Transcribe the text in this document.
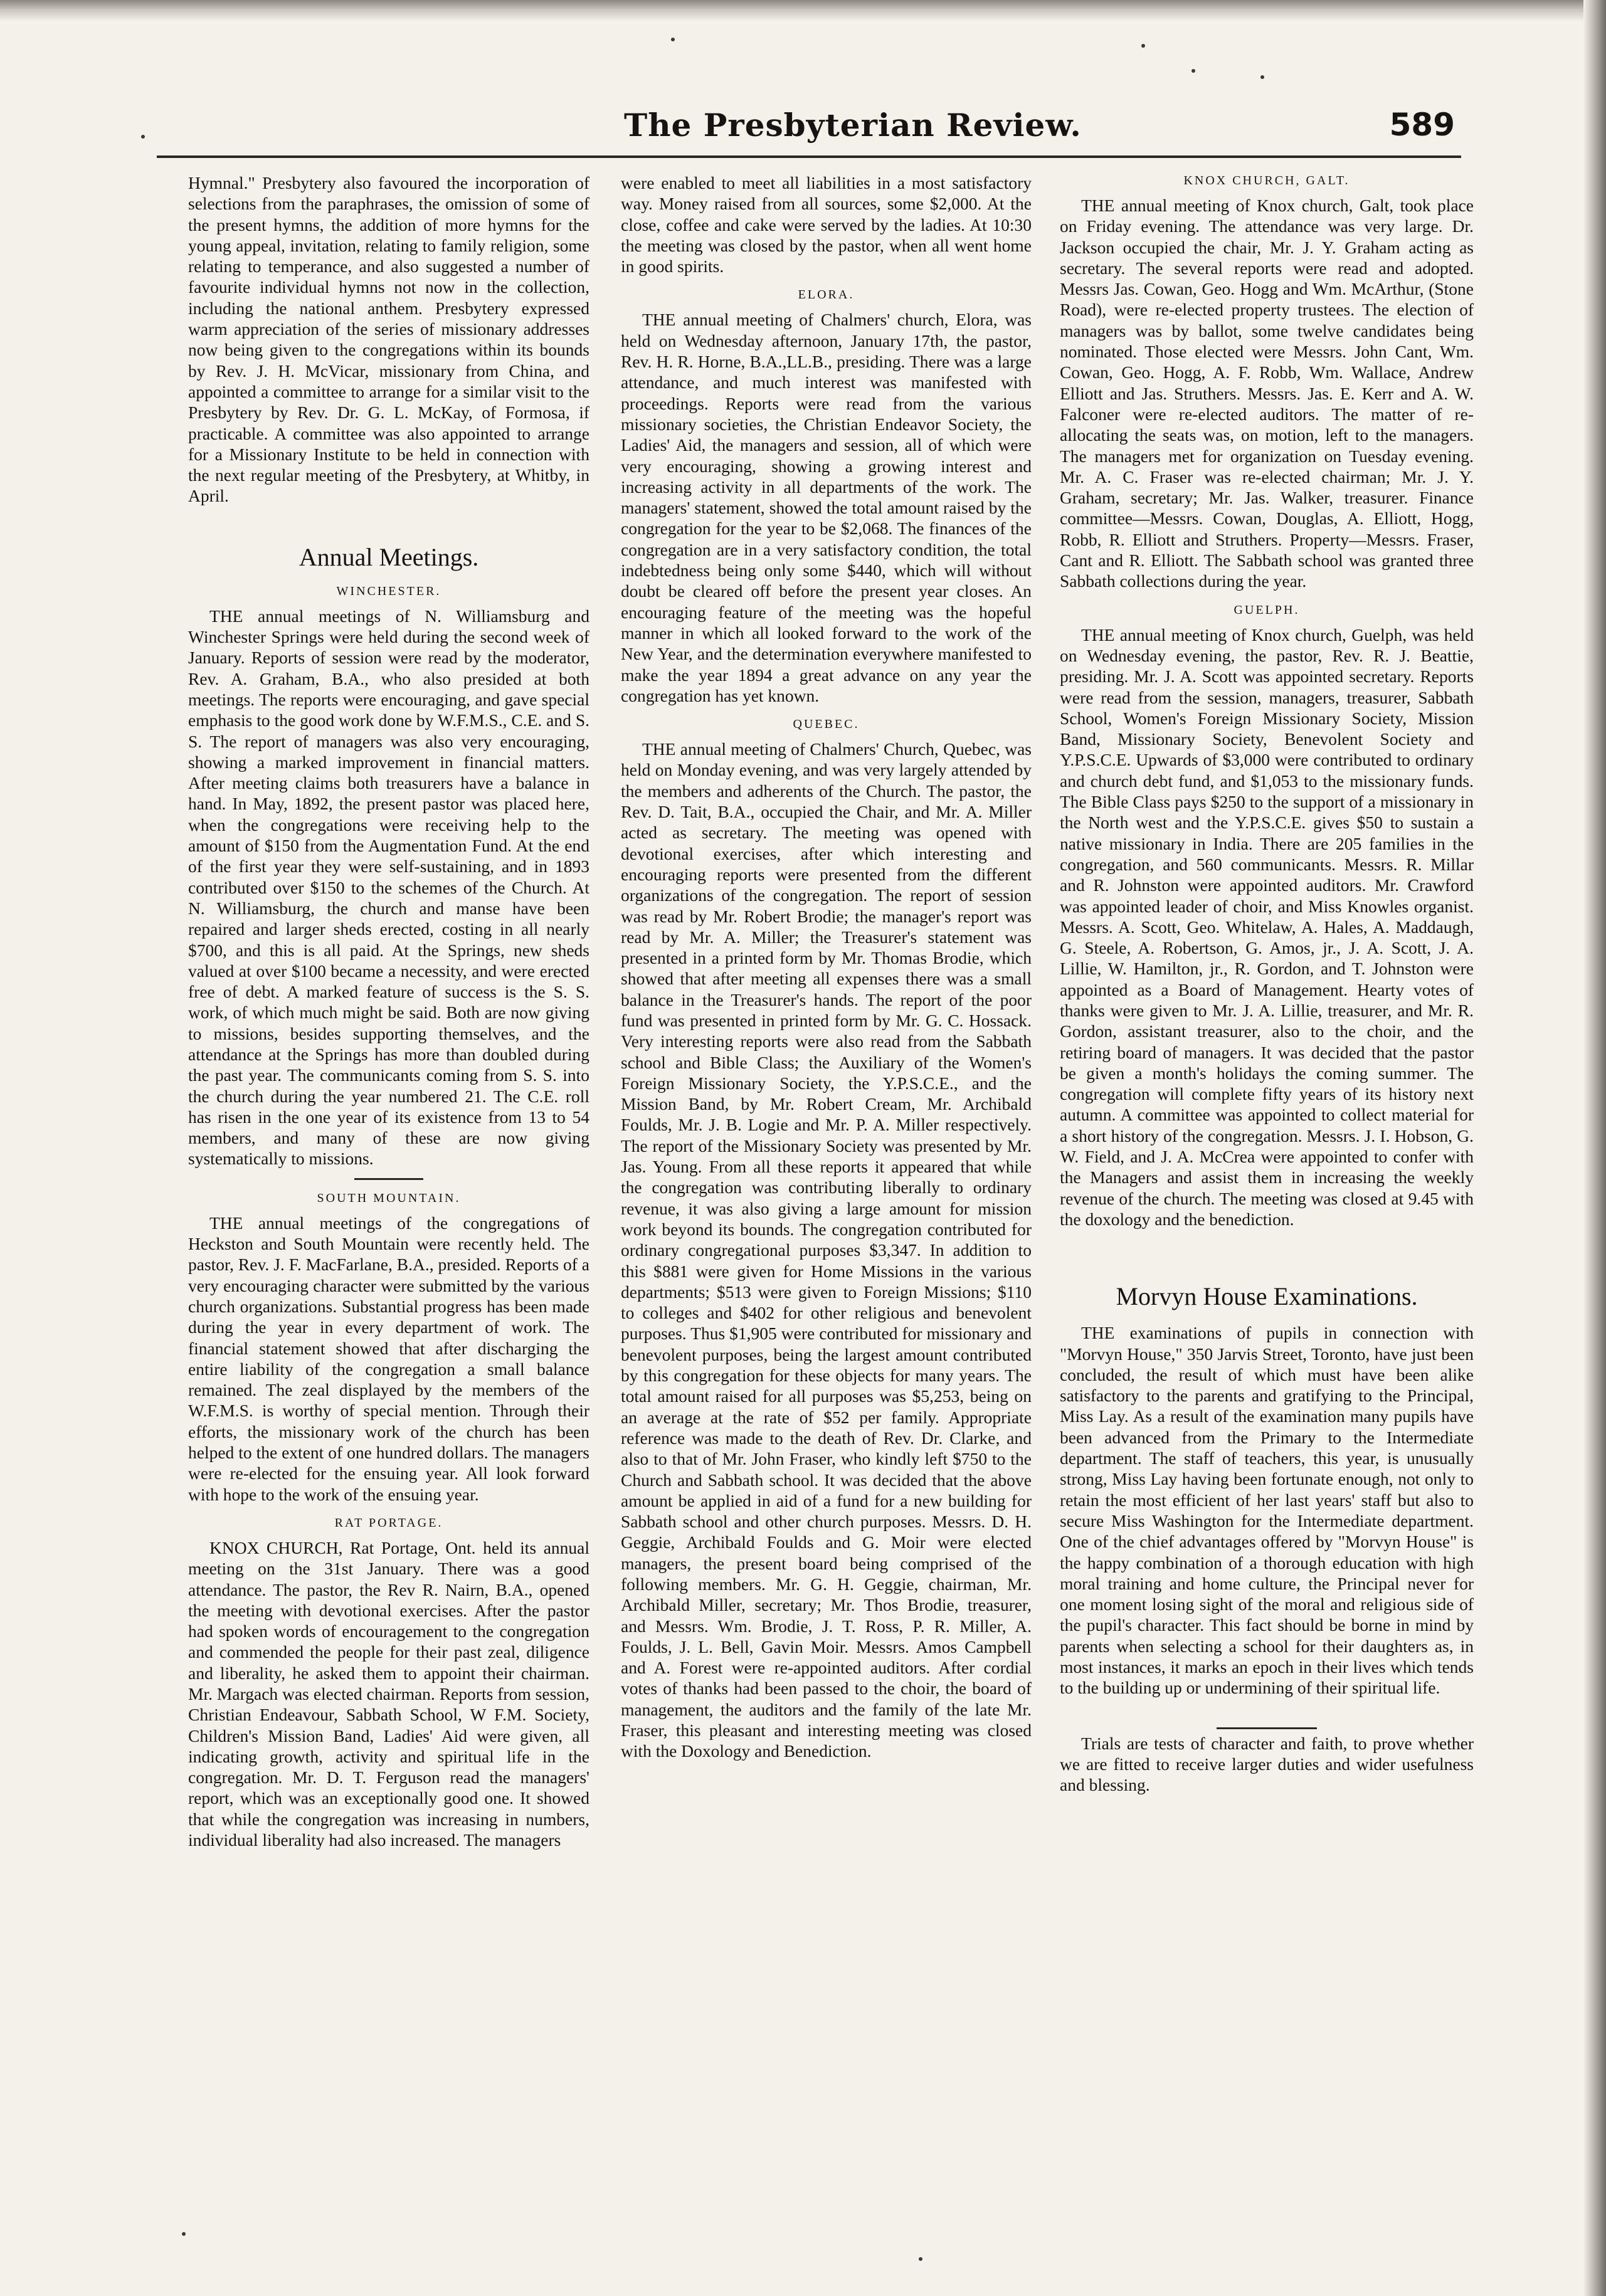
The Presbyterian Review.	589

Hymnal." Presbytery also favoured the incorporation of selections from the paraphrases, the omission of some of the present hymns, the addition of more hymns for the young appeal, invitation, relating to family religion, some relating to temperance, and also suggested a number of favourite individual hymns not now in the collection, including the national anthem. Presbytery expressed warm appreciation of the series of missionary addresses now being given to the congregations within its bounds by Rev. J. H. McVicar, missionary from China, and appointed a committee to arrange for a similar visit to the Presbytery by Rev. Dr. G. L. McKay, of Formosa, if practicable. A committee was also appointed to arrange for a Missionary Institute to be held in connection with the next regular meeting of the Presbytery, at Whitby, in April.

Annual Meetings.
WINCHESTER.

THE annual meetings of N. Williamsburg and Winchester Springs were held during the second week of January. Reports of session were read by the moderator, Rev. A. Graham, B.A., who also presided at both meetings. The reports were encouraging, and gave special emphasis to the good work done by W.F.M.S., C.E. and S. S. The report of managers was also very encouraging, showing a marked improvement in financial matters. After meeting claims both treasurers have a balance in hand. In May, 1892, the present pastor was placed here, when the congregations were receiving help to the amount of $150 from the Augmentation Fund. At the end of the first year they were self-sustaining, and in 1893 contributed over $150 to the schemes of the Church. At N. Williamsburg, the church and manse have been repaired and larger sheds erected, costing in all nearly $700, and this is all paid. At the Springs, new sheds valued at over $100 became a necessity, and were erected free of debt. A marked feature of success is the S. S. work, of which much might be said. Both are now giving to missions, besides supporting themselves, and the attendance at the Springs has more than doubled during the past year. The communicants coming from S. S. into the church during the year numbered 21. The C.E. roll has risen in the one year of its existence from 13 to 54 members, and many of these are now giving systematically to missions.

SOUTH MOUNTAIN.

THE annual meetings of the congregations of Heckston and South Mountain were recently held. The pastor, Rev. J. F. MacFarlane, B.A., presided. Reports of a very encouraging character were submitted by the various church organizations. Substantial progress has been made during the year in every department of work. The financial statement showed that after discharging the entire liability of the congregation a small balance remained. The zeal displayed by the members of the W.F.M.S. is worthy of special mention. Through their efforts, the missionary work of the church has been helped to the extent of one hundred dollars. The managers were re-elected for the ensuing year. All look forward with hope to the work of the ensuing year.

RAT PORTAGE.

KNOX CHURCH, Rat Portage, Ont. held its annual meeting on the 31st January. There was a good attendance. The pastor, the Rev R. Nairn, B.A., opened the meeting with devotional exercises. After the pastor had spoken words of encouragement to the congregation and commended the people for their past zeal, diligence and liberality, he asked them to appoint their chairman. Mr. Margach was elected chairman. Reports from session, Christian Endeavour, Sabbath School, W F.M. Society, Children's Mission Band, Ladies' Aid were given, all indicating growth, activity and spiritual life in the congregation. Mr. D. T. Ferguson read the managers' report, which was an exceptionally good one. It showed that while the congregation was increasing in numbers, individual liberality had also increased. The managers

were enabled to meet all liabilities in a most satisfactory way. Money raised from all sources, some $2,000. At the close, coffee and cake were served by the ladies. At 10:30 the meeting was closed by the pastor, when all went home in good spirits.

ELORA.

THE annual meeting of Chalmers' church, Elora, was held on Wednesday afternoon, January 17th, the pastor, Rev. H. R. Horne, B.A.,LL.B., presiding. There was a large attendance, and much interest was manifested with proceedings. Reports were read from the various missionary societies, the Christian Endeavor Society, the Ladies' Aid, the managers and session, all of which were very encouraging, showing a growing interest and increasing activity in all departments of the work. The managers' statement, showed the total amount raised by the congregation for the year to be $2,068. The finances of the congregation are in a very satisfactory condition, the total indebtedness being only some $440, which will without doubt be cleared off before the present year closes. An encouraging feature of the meeting was the hopeful manner in which all looked forward to the work of the New Year, and the determination everywhere manifested to make the year 1894 a great advance on any year the congregation has yet known.

QUEBEC.

THE annual meeting of Chalmers' Church, Quebec, was held on Monday evening, and was very largely attended by the members and adherents of the Church. The pastor, the Rev. D. Tait, B.A., occupied the Chair, and Mr. A. Miller acted as secretary. The meeting was opened with devotional exercises, after which interesting and encouraging reports were presented from the different organizations of the congregation. The report of session was read by Mr. Robert Brodie; the manager's report was read by Mr. A. Miller; the Treasurer's statement was presented in a printed form by Mr. Thomas Brodie, which showed that after meeting all expenses there was a small balance in the Treasurer's hands. The report of the poor fund was presented in printed form by Mr. G. C. Hossack. Very interesting reports were also read from the Sabbath school and Bible Class; the Auxiliary of the Women's Foreign Missionary Society, the Y.P.S.C.E., and the Mission Band, by Mr. Robert Cream, Mr. Archibald Foulds, Mr. J. B. Logie and Mr. P. A. Miller respectively. The report of the Missionary Society was presented by Mr. Jas. Young. From all these reports it appeared that while the congregation was contributing liberally to ordinary revenue, it was also giving a large amount for mission work beyond its bounds. The congregation contributed for ordinary congregational purposes $3,347. In addition to this $881 were given for Home Missions in the various departments; $513 were given to Foreign Missions; $110 to colleges and $402 for other religious and benevolent purposes. Thus $1,905 were contributed for missionary and benevolent purposes, being the largest amount contributed by this congregation for these objects for many years. The total amount raised for all purposes was $5,253, being on an average at the rate of $52 per family. Appropriate reference was made to the death of Rev. Dr. Clarke, and also to that of Mr. John Fraser, who kindly left $750 to the Church and Sabbath school. It was decided that the above amount be applied in aid of a fund for a new building for Sabbath school and other church purposes. Messrs. D. H. Geggie, Archibald Foulds and G. Moir were elected managers, the present board being comprised of the following members. Mr. G. H. Geggie, chairman, Mr. Archibald Miller, secretary; Mr. Thos Brodie, treasurer, and Messrs. Wm. Brodie, J. T. Ross, P. R. Miller, A. Foulds, J. L. Bell, Gavin Moir. Messrs. Amos Campbell and A. Forest were re-appointed auditors. After cordial votes of thanks had been passed to the choir, the board of management, the auditors and the family of the late Mr. Fraser, this pleasant and interesting meeting was closed with the Doxology and Benediction.

KNOX CHURCH, GALT.

THE annual meeting of Knox church, Galt, took place on Friday evening. The attendance was very large. Dr. Jackson occupied the chair, Mr. J. Y. Graham acting as secretary. The several reports were read and adopted. Messrs Jas. Cowan, Geo. Hogg and Wm. McArthur, (Stone Road), were re-elected property trustees. The election of managers was by ballot, some twelve candidates being nominated. Those elected were Messrs. John Cant, Wm. Cowan, Geo. Hogg, A. F. Robb, Wm. Wallace, Andrew Elliott and Jas. Struthers. Messrs. Jas. E. Kerr and A. W. Falconer were re-elected auditors. The matter of re-allocating the seats was, on motion, left to the managers. The managers met for organization on Tuesday evening. Mr. A. C. Fraser was re-elected chairman; Mr. J. Y. Graham, secretary; Mr. Jas. Walker, treasurer. Finance committee—Messrs. Cowan, Douglas, A. Elliott, Hogg, Robb, R. Elliott and Struthers. Property—Messrs. Fraser, Cant and R. Elliott. The Sabbath school was granted three Sabbath collections during the year.

GUELPH.

THE annual meeting of Knox church, Guelph, was held on Wednesday evening, the pastor, Rev. R. J. Beattie, presiding. Mr. J. A. Scott was appointed secretary. Reports were read from the session, managers, treasurer, Sabbath School, Women's Foreign Missionary Society, Mission Band, Missionary Society, Benevolent Society and Y.P.S.C.E. Upwards of $3,000 were contributed to ordinary and church debt fund, and $1,053 to the missionary funds. The Bible Class pays $250 to the support of a missionary in the North west and the Y.P.S.C.E. gives $50 to sustain a native missionary in India. There are 205 families in the congregation, and 560 communicants. Messrs. R. Millar and R. Johnston were appointed auditors. Mr. Crawford was appointed leader of choir, and Miss Knowles organist. Messrs. A. Scott, Geo. Whitelaw, A. Hales, A. Maddaugh, G. Steele, A. Robertson, G. Amos, jr., J. A. Scott, J. A. Lillie, W. Hamilton, jr., R. Gordon, and T. Johnston were appointed as a Board of Management. Hearty votes of thanks were given to Mr. J. A. Lillie, treasurer, and Mr. R. Gordon, assistant treasurer, also to the choir, and the retiring board of managers. It was decided that the pastor be given a month's holidays the coming summer. The congregation will complete fifty years of its history next autumn. A committee was appointed to collect material for a short history of the congregation. Messrs. J. I. Hobson, G. W. Field, and J. A. McCrea were appointed to confer with the Managers and assist them in increasing the weekly revenue of the church. The meeting was closed at 9.45 with the doxology and the benediction.

Morvyn House Examinations.

THE examinations of pupils in connection with "Morvyn House," 350 Jarvis Street, Toronto, have just been concluded, the result of which must have been alike satisfactory to the parents and gratifying to the Principal, Miss Lay. As a result of the examination many pupils have been advanced from the Primary to the Intermediate department. The staff of teachers, this year, is unusually strong, Miss Lay having been fortunate enough, not only to retain the most efficient of her last years' staff but also to secure Miss Washington for the Intermediate department. One of the chief advantages offered by "Morvyn House" is the happy combination of a thorough education with high moral training and home culture, the Principal never for one moment losing sight of the moral and religious side of the pupil's character. This fact should be borne in mind by parents when selecting a school for their daughters as, in most instances, it marks an epoch in their lives which tends to the building up or undermining of their spiritual life.

Trials are tests of character and faith, to prove whether we are fitted to receive larger duties and wider usefulness and blessing.
